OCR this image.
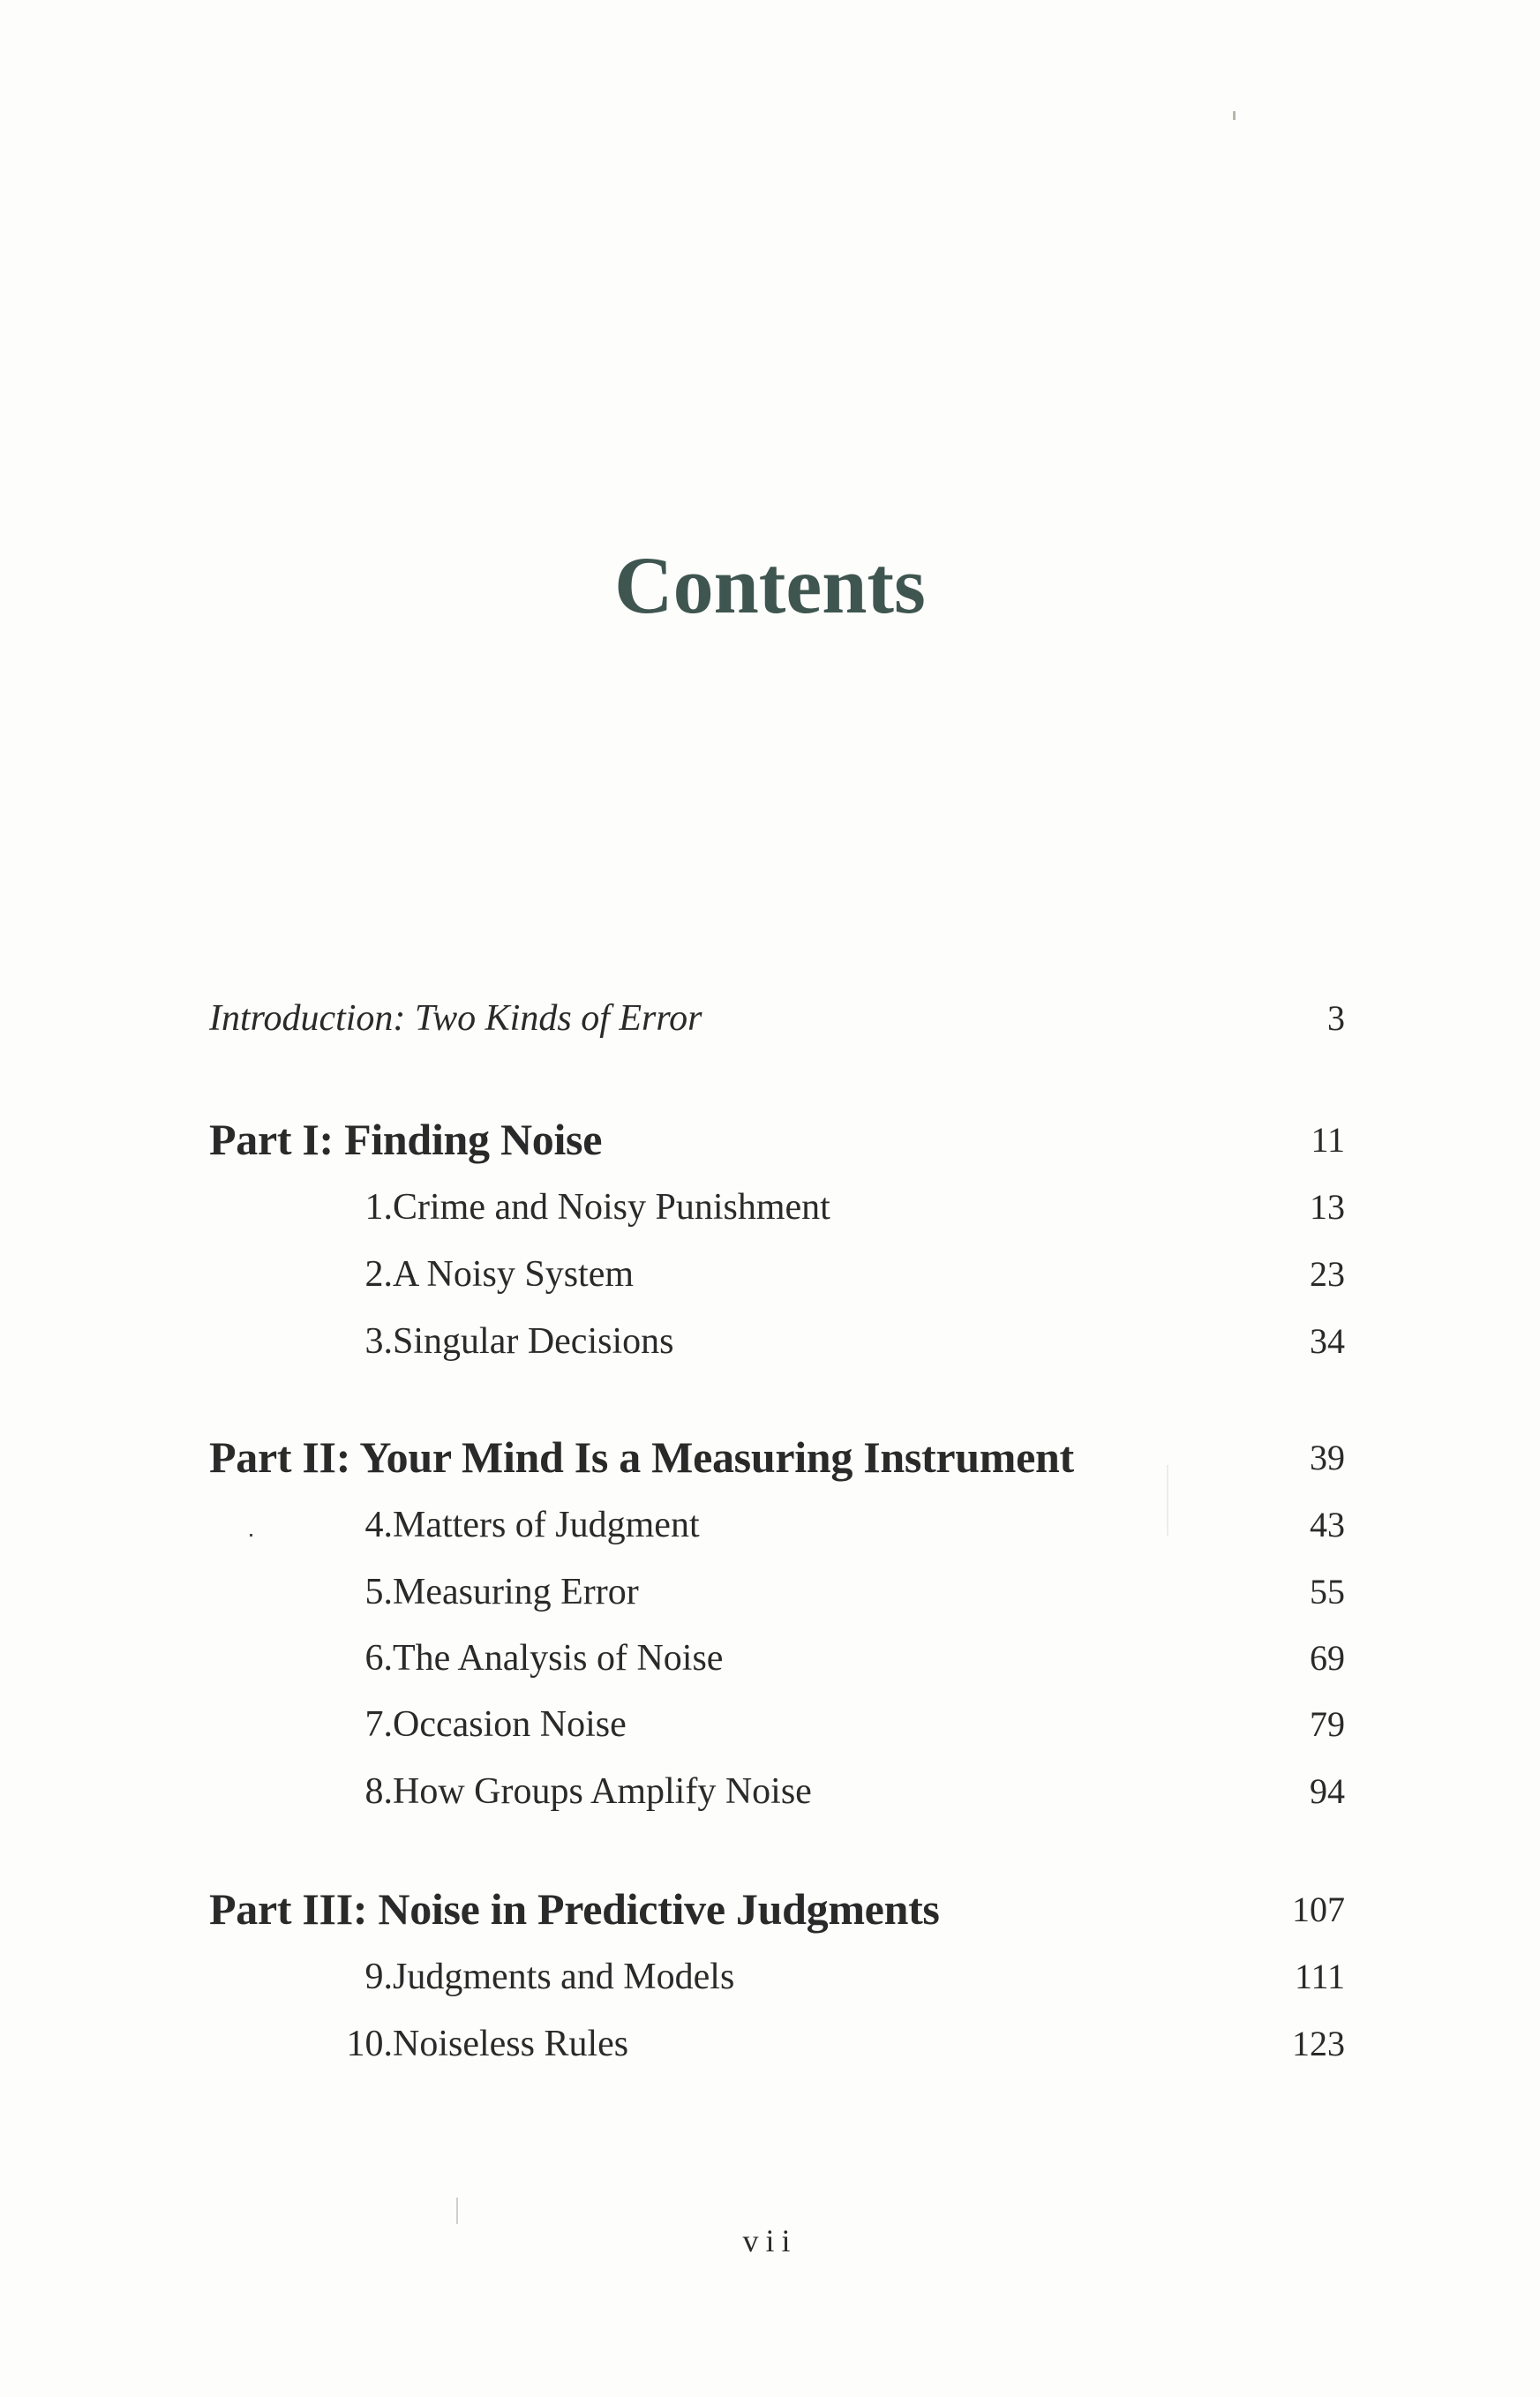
Contents
Introduction: Two Kinds of Error	3
Part I: Finding Noise	11
1. Crime and Noisy Punishment	13
2. A Noisy System	23
3. Singular Decisions	34
Part II: Your Mind Is a Measuring Instrument	39
4. Matters of Judgment	43
5. Measuring Error	55
6. The Analysis of Noise	69
7. Occasion Noise	79
8. How Groups Amplify Noise	94
Part III: Noise in Predictive Judgments	107
9. Judgments and Models	111
10. Noiseless Rules	123
vii
